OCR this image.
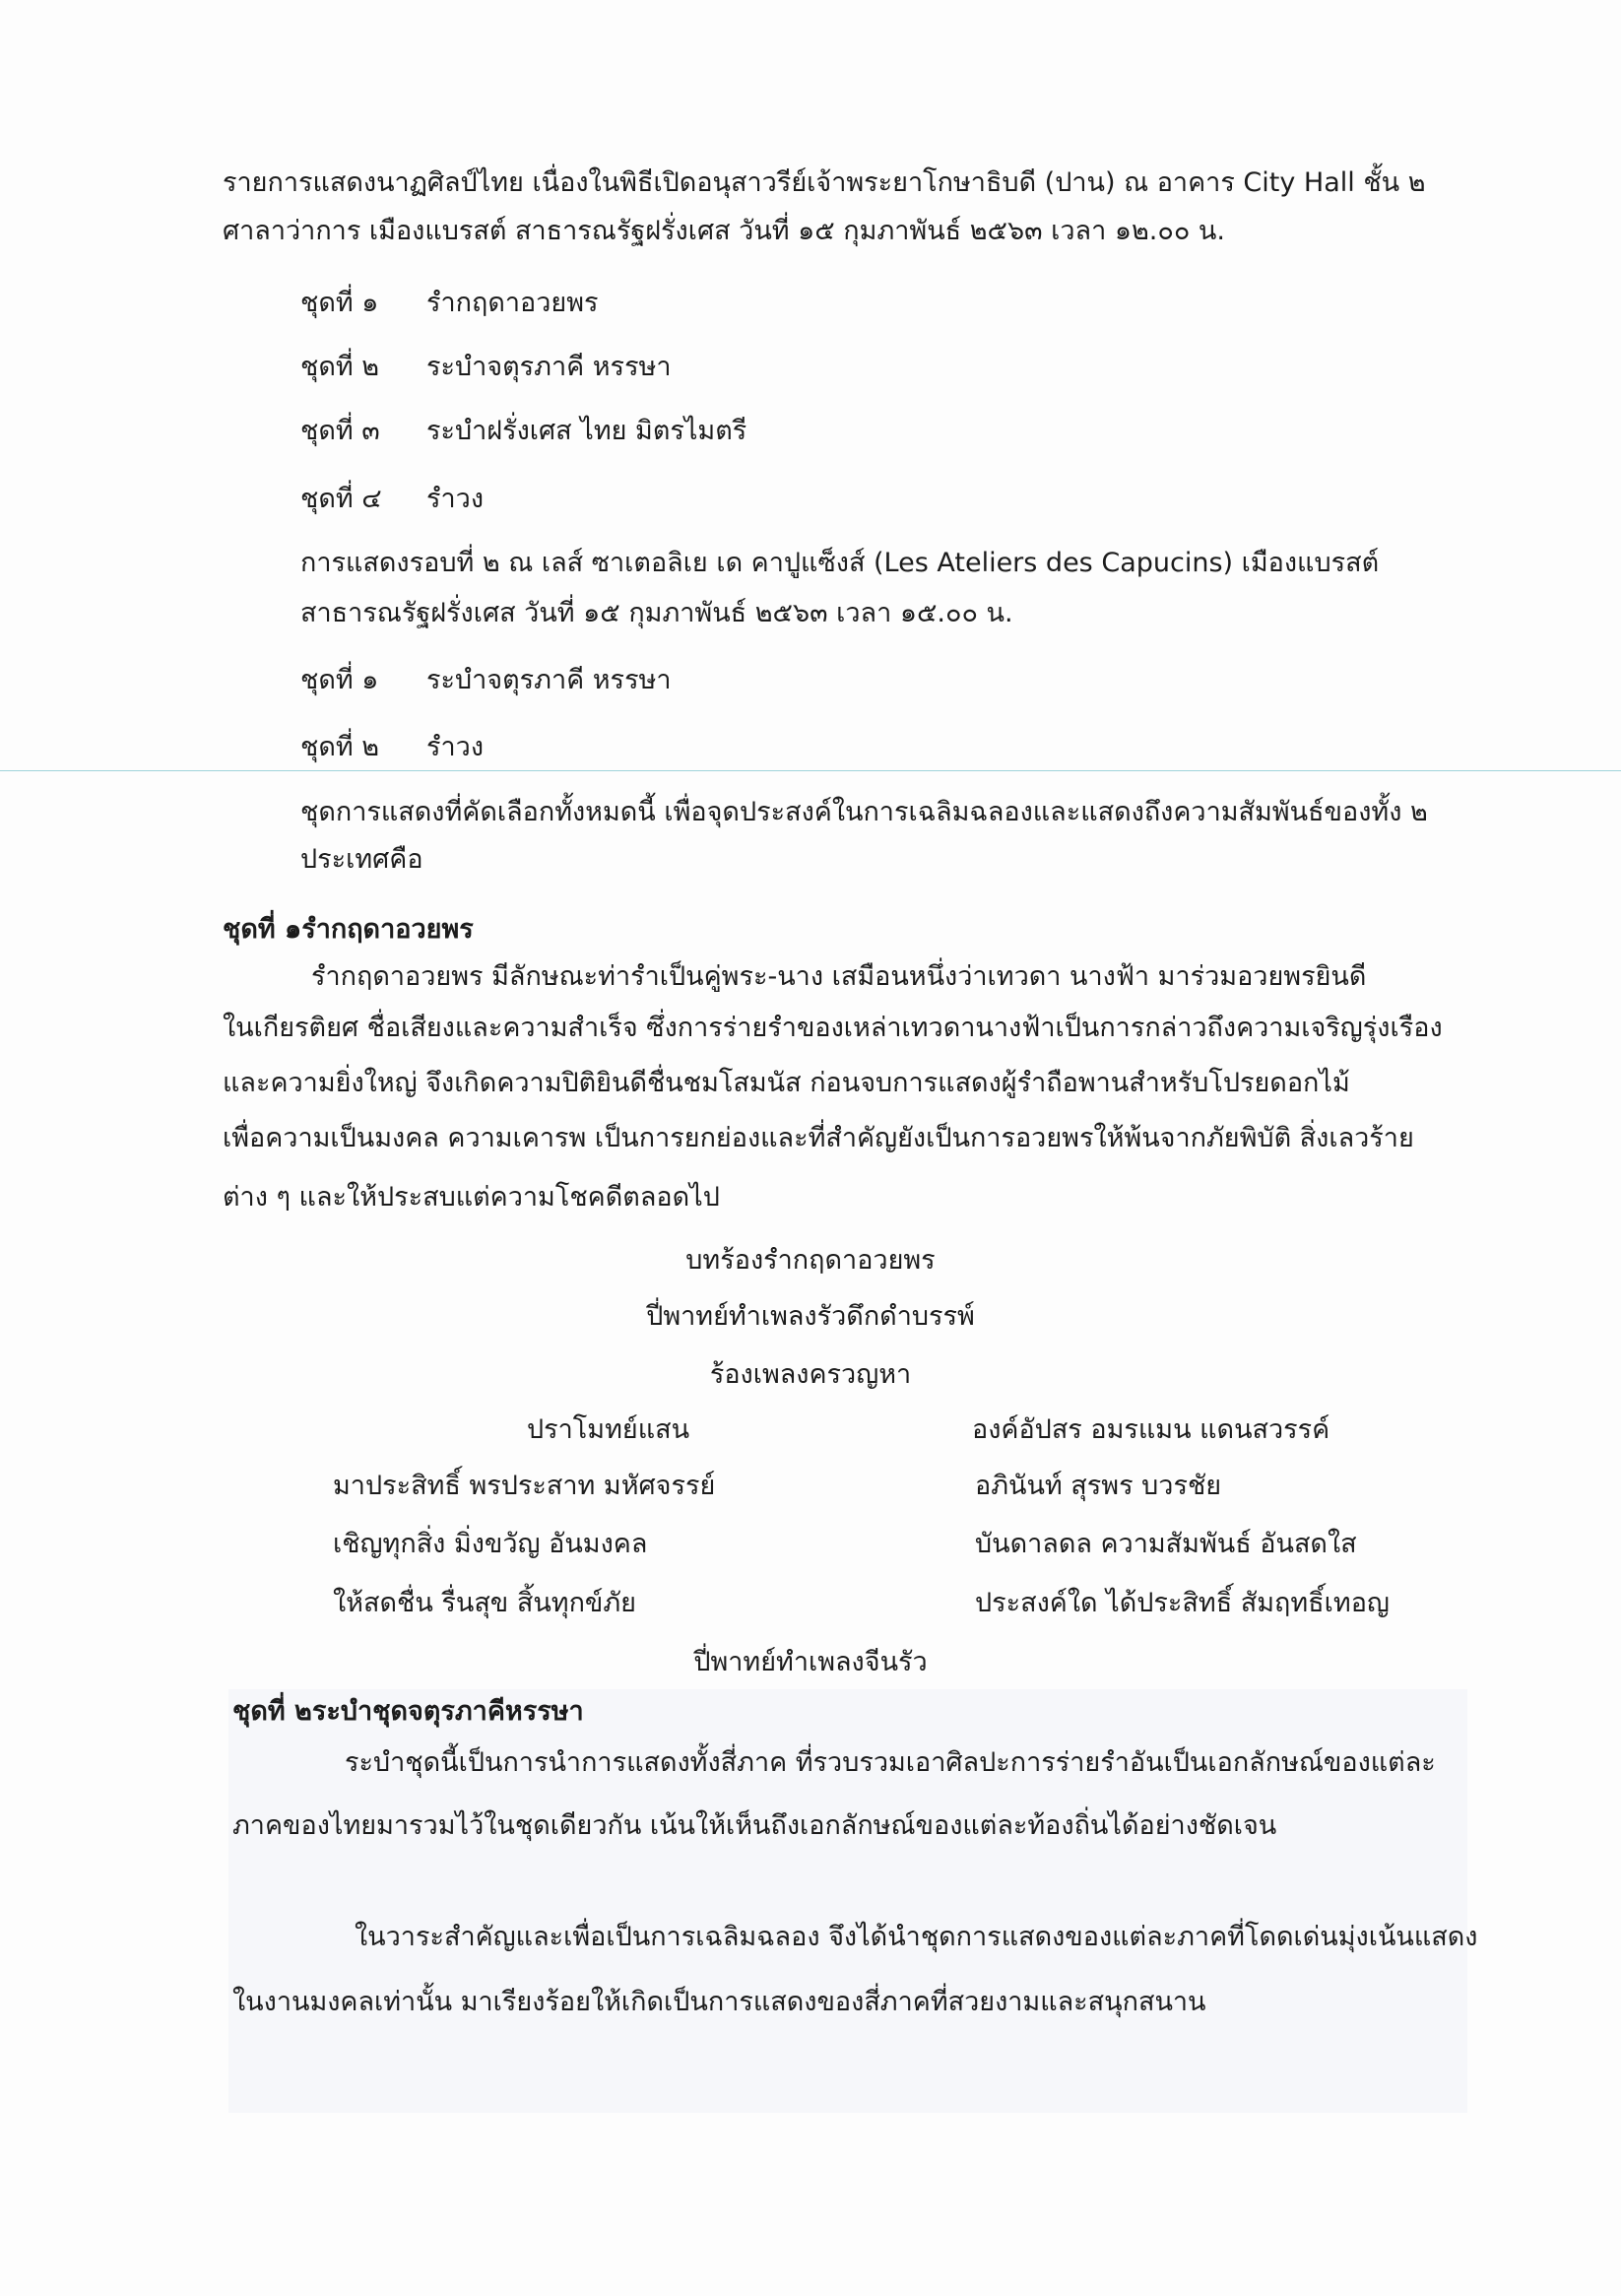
รายการแสดงนาฏศิลป์ไทย เนื่องในพิธีเปิดอนุสาวรีย์เจ้าพระยาโกษาธิบดี (ปาน) ณ อาคาร City Hall ชั้น ๒
ศาลาว่าการ เมืองแบรสต์ สาธารณรัฐฝรั่งเศส วันที่ ๑๕ กุมภาพันธ์ ๒๕๖๓ เวลา ๑๒.๐๐ น.
ชุดที่ ๑ รำกฤดาอวยพร
ชุดที่ ๒ ระบำจตุรภาคี หรรษา
ชุดที่ ๓ ระบำฝรั่งเศส ไทย มิตรไมตรี
ชุดที่ ๔ รำวง
การแสดงรอบที่ ๒ ณ เลส์ ซาเตอลิเย เด คาปูแซ็งส์ (Les Ateliers des Capucins) เมืองแบรสต์
สาธารณรัฐฝรั่งเศส วันที่ ๑๕ กุมภาพันธ์ ๒๕๖๓ เวลา ๑๕.๐๐ น.
ชุดที่ ๑ ระบำจตุรภาคี หรรษา
ชุดที่ ๒ รำวง
ชุดการแสดงที่คัดเลือกทั้งหมดนี้ เพื่อจุดประสงค์ในการเฉลิมฉลองและแสดงถึงความสัมพันธ์ของทั้ง ๒
ประเทศคือ
ชุดที่ ๑รำกฤดาอวยพร
รำกฤดาอวยพร มีลักษณะท่ารำเป็นคู่พระ-นาง เสมือนหนึ่งว่าเทวดา นางฟ้า มาร่วมอวยพรยินดี
ในเกียรติยศ ชื่อเสียงและความสำเร็จ ซึ่งการร่ายรำของเหล่าเทวดานางฟ้าเป็นการกล่าวถึงความเจริญรุ่งเรือง
และความยิ่งใหญ่ จึงเกิดความปิติยินดีชื่นชมโสมนัส ก่อนจบการแสดงผู้รำถือพานสำหรับโปรยดอกไม้
เพื่อความเป็นมงคล ความเคารพ เป็นการยกย่องและที่สำคัญยังเป็นการอวยพรให้พ้นจากภัยพิบัติ สิ่งเลวร้าย
ต่าง ๆ และให้ประสบแต่ความโชคดีตลอดไป
บทร้องรำกฤดาอวยพร
ปี่พาทย์ทำเพลงรัวดึกดำบรรพ์
ร้องเพลงครวญหา
ปราโมทย์แสน	องค์อัปสร อมรแมน แดนสวรรค์
มาประสิทธิ์ พรประสาท มหัศจรรย์	อภินันท์ สุรพร บวรชัย
เชิญทุกสิ่ง มิ่งขวัญ อันมงคล	บันดาลดล ความสัมพันธ์ อันสดใส
ให้สดชื่น รื่นสุข สิ้นทุกข์ภัย	ประสงค์ใด ได้ประสิทธิ์ สัมฤทธิ์เทอญ
ปี่พาทย์ทำเพลงจีนรัว
ชุดที่ ๒ระบำชุดจตุรภาคีหรรษา
ระบำชุดนี้เป็นการนำการแสดงทั้งสี่ภาค ที่รวบรวมเอาศิลปะการร่ายรำอันเป็นเอกลักษณ์ของแต่ละ
ภาคของไทยมารวมไว้ในชุดเดียวกัน เน้นให้เห็นถึงเอกลักษณ์ของแต่ละท้องถิ่นได้อย่างชัดเจน
ในวาระสำคัญและเพื่อเป็นการเฉลิมฉลอง จึงได้นำชุดการแสดงของแต่ละภาคที่โดดเด่นมุ่งเน้นแสดง
ในงานมงคลเท่านั้น มาเรียงร้อยให้เกิดเป็นการแสดงของสี่ภาคที่สวยงามและสนุกสนาน
